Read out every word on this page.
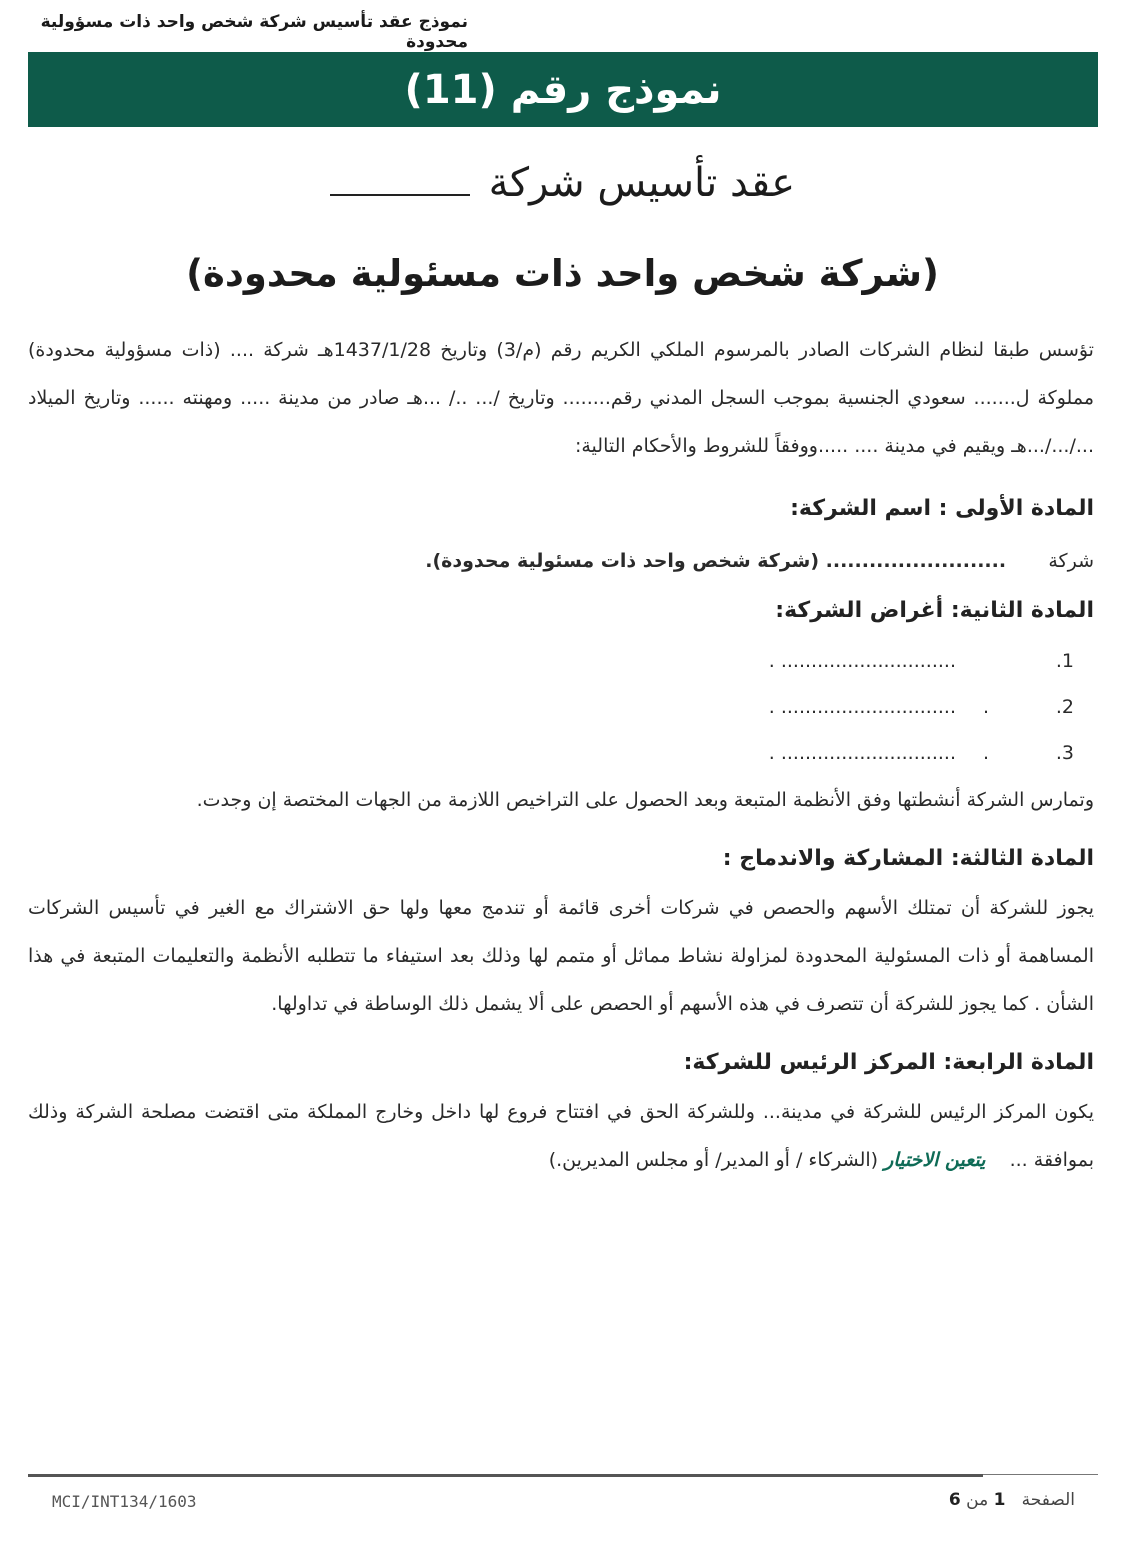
نموذج عقد تأسيس شركة شخص واحد ذات مسؤولية محدودة
نموذج رقم (11)
عقد تأسيس شركة
(شركة شخص واحد ذات مسئولية محدودة)

تؤسس طبقا لنظام الشركات الصادر بالمرسوم الملكي الكريم رقم (م/3) وتاريخ 1437/1/28هـ شركة .... (ذات مسؤولية محدودة) مملوكة ل....... سعودي الجنسية بموجب السجل المدني رقم........ وتاريخ /... ../ ...هـ صادر من مدينة ..... ومهنته ...... وتاريخ الميلاد .../.../...هـ ويقيم في مدينة .... .....ووفقاً للشروط والأحكام التالية:

المادة الأولى : اسم الشركة:

شركة       ......................... (شركة شخص واحد ذات مسئولية محدودة).

المادة الثانية: أغراض الشركة:

1.
............................. .
2.
.
............................. .
3.
.
............................. .

وتمارس الشركة أنشطتها وفق الأنظمة المتبعة وبعد الحصول على التراخيص اللازمة من الجهات المختصة إن وجدت.

المادة الثالثة: المشاركة والاندماج :

يجوز للشركة أن تمتلك الأسهم والحصص في شركات أخرى قائمة أو تندمج معها ولها حق الاشتراك مع الغير في تأسيس الشركات المساهمة أو ذات المسئولية المحدودة لمزاولة نشاط مماثل أو متمم لها وذلك بعد استيفاء ما تتطلبه الأنظمة والتعليمات المتبعة في هذا الشأن . كما يجوز للشركة أن تتصرف في هذه الأسهم أو الحصص على ألا يشمل ذلك الوساطة في تداولها.

المادة الرابعة: المركز الرئيس للشركة:

يكون المركز الرئيس للشركة في مدينة... وللشركة الحق في افتتاح فروع لها داخل وخارج المملكة متى اقتضت مصلحة الشركة وذلك بموافقة ...    يتعين الاختيار (الشركاء / أو المدير/ أو مجلس المديرين.)

MCI/INT134/1603	الصفحة   1 من 6
